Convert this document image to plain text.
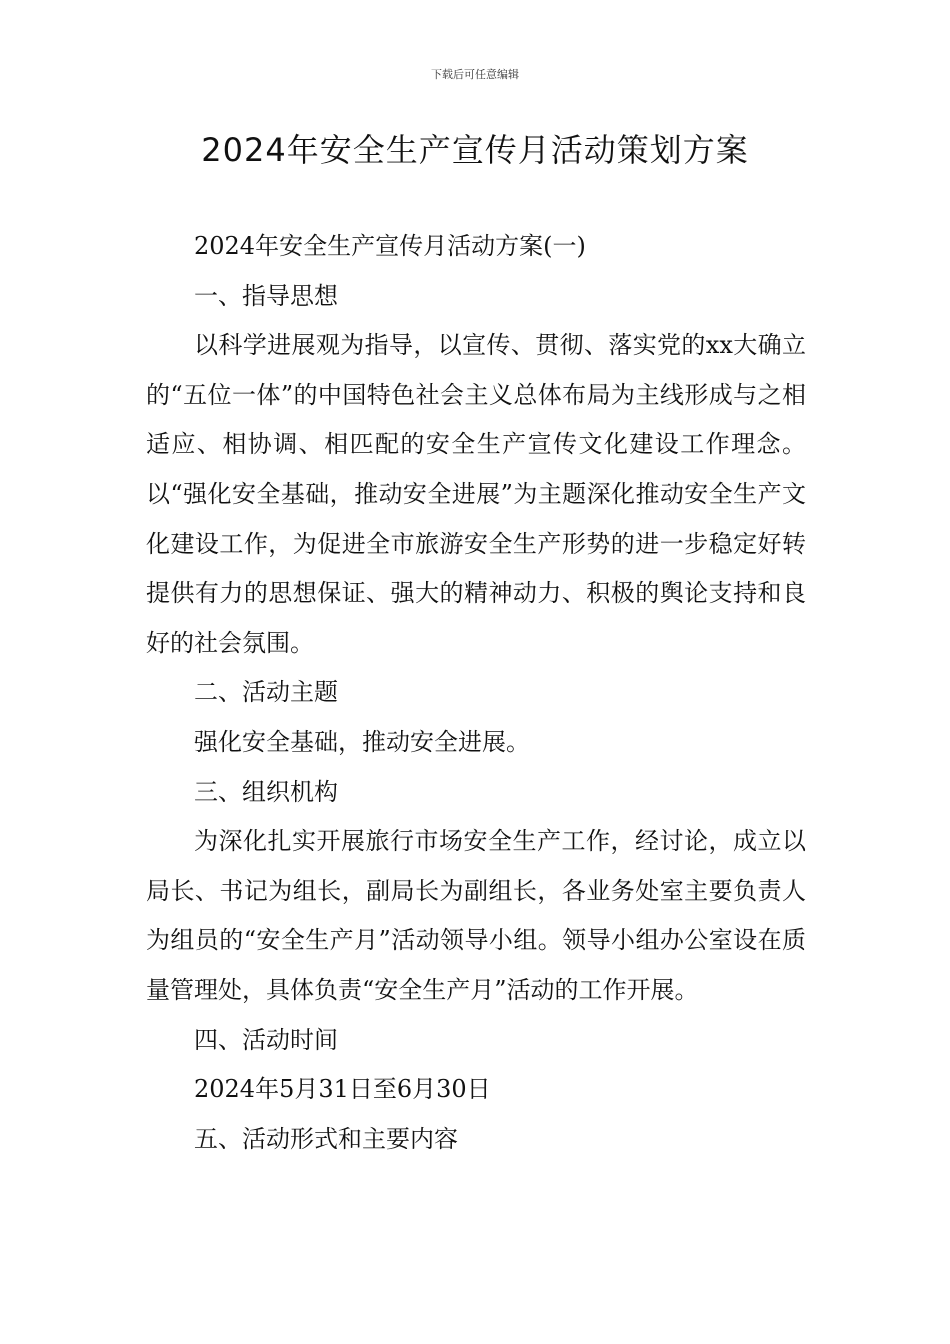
下载后可任意编辑
2024年安全生产宣传月活动策划方案

2024年安全生产宣传月活动方案(一)

一、指导思想

以科学进展观为指导，以宣传、贯彻、落实党的xx大确立的“五位一体”的中国特色社会主义总体布局为主线形成与之相适应、相协调、相匹配的安全生产宣传文化建设工作理念。以“强化安全基础，推动安全进展”为主题深化推动安全生产文化建设工作，为促进全市旅游安全生产形势的进一步稳定好转提供有力的思想保证、强大的精神动力、积极的舆论支持和良好的社会氛围。

二、活动主题

强化安全基础，推动安全进展。

三、组织机构

为深化扎实开展旅行市场安全生产工作，经讨论，成立以局长、书记为组长，副局长为副组长，各业务处室主要负责人为组员的“安全生产月”活动领导小组。领导小组办公室设在质量管理处，具体负责“安全生产月”活动的工作开展。

四、活动时间

2024年5月31日至6月30日

五、活动形式和主要内容
